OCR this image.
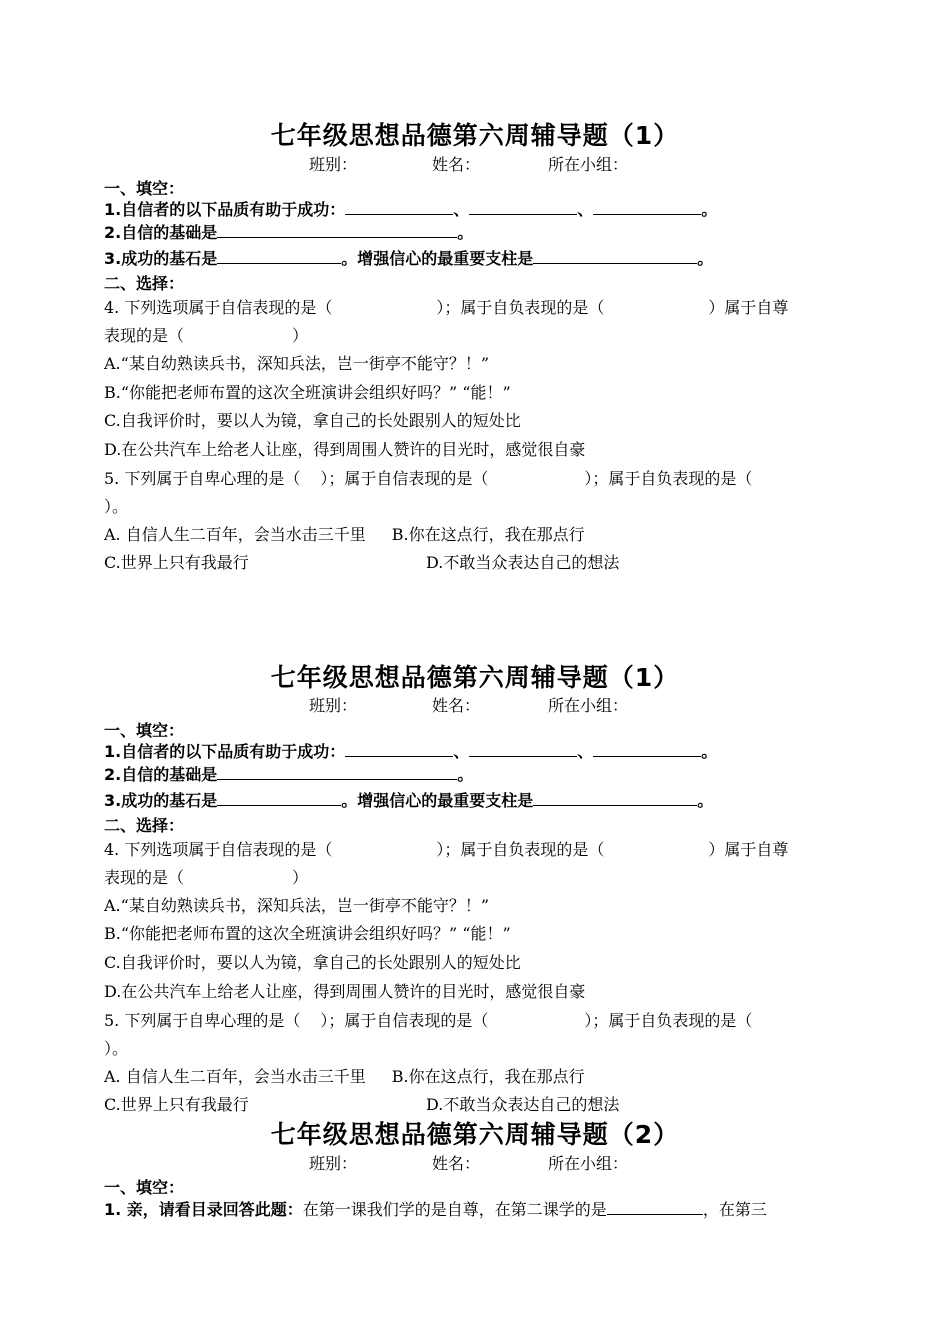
七年级思想品德第六周辅导题（1）
班别：	姓名：	所在小组：
一、填空：
1.自信者的以下品质有助于成功：	、	、	。
2.自信的基础是	。
3.成功的基石是	。增强信心的最重要支柱是	。
二、选择：
4. 下列选项属于自信表现的是（	）；属于自负表现的是（	）属于自尊
表现的是（	）
A.“某自幼熟读兵书，深知兵法，岂一街亭不能守？！”
B.“你能把老师布置的这次全班演讲会组织好吗？” “能！”
C.自我评价时，要以人为镜，拿自己的长处跟别人的短处比
D.在公共汽车上给老人让座，得到周围人赞许的目光时，感觉很自豪
5. 下列属于自卑心理的是（ ）；属于自信表现的是（	）；属于自负表现的是（
）。
A. 自信人生二百年，会当水击三千里 B.你在这点行，我在那点行
C.世界上只有我最行	D.不敢当众表达自己的想法
七年级思想品德第六周辅导题（1）
班别：	姓名：	所在小组：
一、填空：
1.自信者的以下品质有助于成功：	、	、	。
2.自信的基础是	。
3.成功的基石是	。增强信心的最重要支柱是	。
二、选择：
4. 下列选项属于自信表现的是（	）；属于自负表现的是（	）属于自尊
表现的是（	）
A.“某自幼熟读兵书，深知兵法，岂一街亭不能守？！”
B.“你能把老师布置的这次全班演讲会组织好吗？” “能！”
C.自我评价时，要以人为镜，拿自己的长处跟别人的短处比
D.在公共汽车上给老人让座，得到周围人赞许的目光时，感觉很自豪
5. 下列属于自卑心理的是（ ）；属于自信表现的是（	）；属于自负表现的是（
）。
A. 自信人生二百年，会当水击三千里 B.你在这点行，我在那点行
C.世界上只有我最行	D.不敢当众表达自己的想法
七年级思想品德第六周辅导题（2）
班别：	姓名：	所在小组：
一、填空：
1. 亲，请看目录回答此题：在第一课我们学的是自尊，在第二课学的是	，在第三
